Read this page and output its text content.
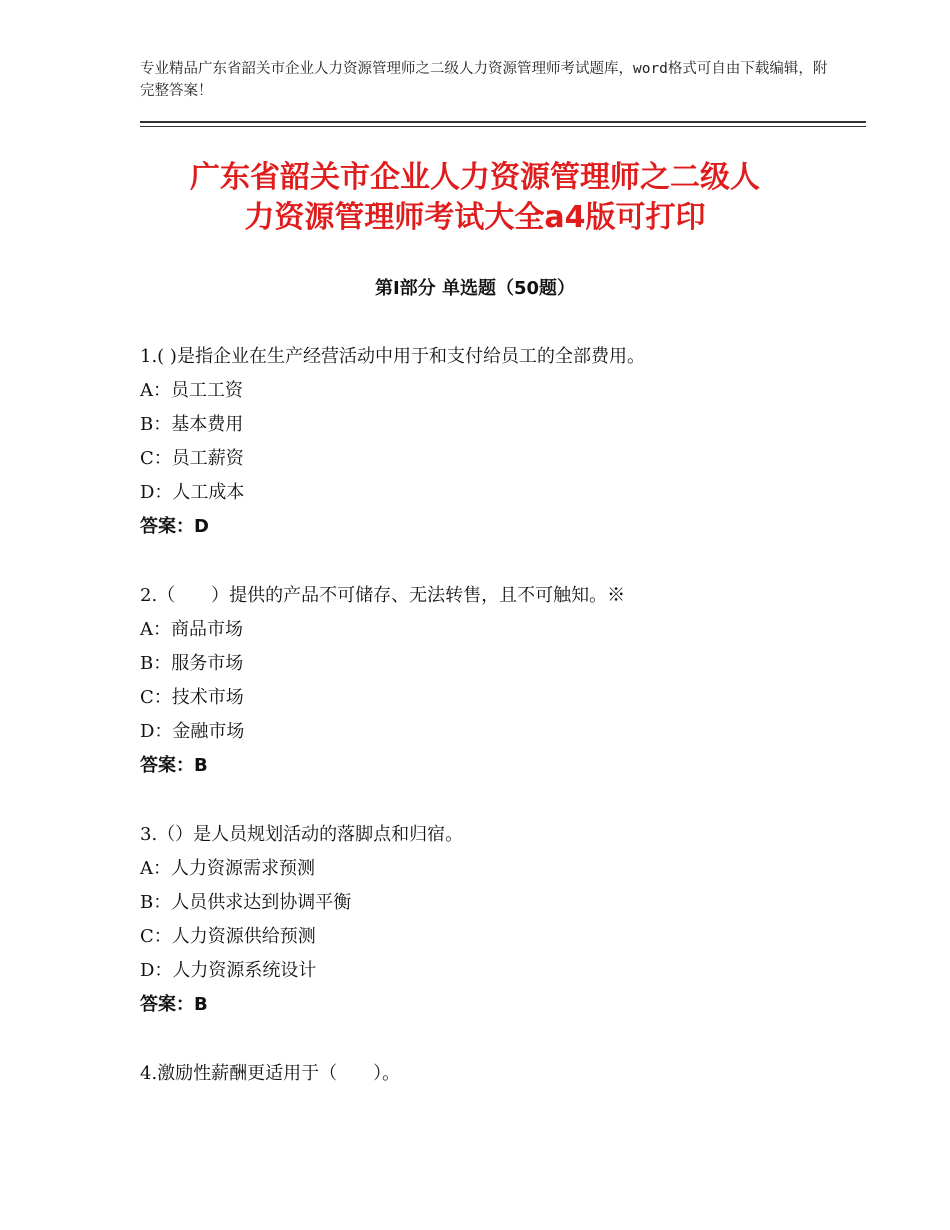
专业精品广东省韶关市企业人力资源管理师之二级人力资源管理师考试题库，word格式可自由下载编辑，附完整答案！

广东省韶关市企业人力资源管理师之二级人
力资源管理师考试大全a4版可打印
第Ⅰ部分 单选题（50题）
1.( )是指企业在生产经营活动中用于和支付给员工的全部费用。
A：员工工资
B：基本费用
C：员工薪资
D：人工成本
答案：D
2.（　　）提供的产品不可储存、无法转售，且不可触知。※
A：商品市场
B：服务市场
C：技术市场
D：金融市场
答案：B
3.（）是人员规划活动的落脚点和归宿。
A：人力资源需求预测
B：人员供求达到协调平衡
C：人力资源供给预测
D：人力资源系统设计
答案：B
4.激励性薪酬更适用于（　　）。
